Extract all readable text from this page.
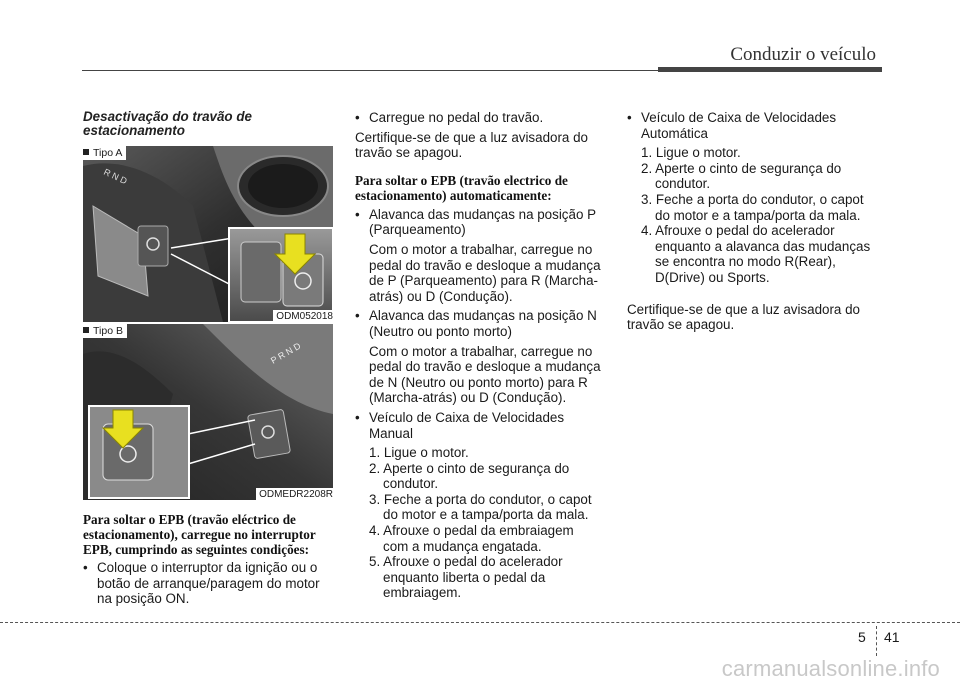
Conduzir o veículo
Desactivação do travão de
estacionamento
R N D
Tipo A
ODM052018
P R N D
Tipo B
ODMEDR2208R
Para soltar o EPB (travão eléctrico de
estacionamento), carregue no interruptor
EPB, cumprindo as seguintes condições:
• Coloque o interruptor da ignição ou o
botão de arranque/paragem do motor
na posição ON.
• Carregue no pedal do travão.
Certifique-se de que a luz avisadora do
travão se apagou.
Para soltar o EPB (travão electrico de
estacionamento) automaticamente:
• Alavanca das mudanças na posição P
(Parqueamento)
Com o motor a trabalhar, carregue no
pedal do travão e desloque a mudança
de P (Parqueamento) para R (Marcha-
atrás) ou D (Condução).
• Alavanca das mudanças na posição N
(Neutro ou ponto morto)
Com o motor a trabalhar, carregue no
pedal do travão e desloque a mudança
de N (Neutro ou ponto morto) para R
(Marcha-atrás) ou D (Condução).
• Veículo de Caixa de Velocidades
Manual
1. Ligue o motor.
2. Aperte o cinto de segurança do
condutor.
3. Feche a porta do condutor, o capot
do motor e a tampa/porta da mala.
4. Afrouxe o pedal da embraiagem
com a mudança engatada.
5. Afrouxe o pedal do acelerador
enquanto liberta o pedal da
embraiagem.
• Veículo de Caixa de Velocidades
Automática
1. Ligue o motor.
2. Aperte o cinto de segurança do
condutor.
3. Feche a porta do condutor, o capot
do motor e a tampa/porta da mala.
4. Afrouxe o pedal do acelerador
enquanto a alavanca das mudanças
se encontra no modo R(Rear),
D(Drive) ou Sports.
Certifique-se de que a luz avisadora do
travão se apagou.
5 41
carmanualsonline.info
